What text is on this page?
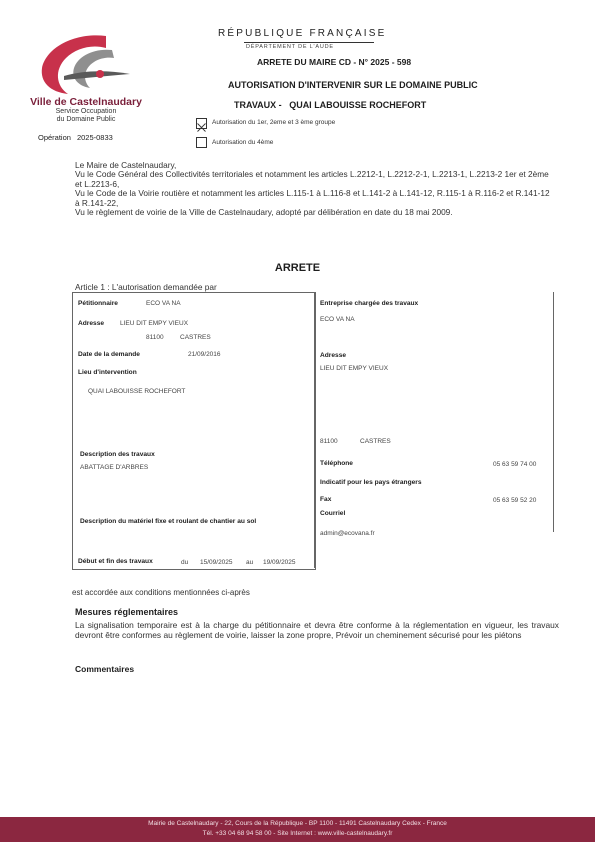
Ville de Castelnaudary
Service Occupation
du Domaine Public
Opération 2025-0833
RÉPUBLIQUE FRANÇAISE
DÉPARTEMENT DE L'AUDE
ARRETE DU MAIRE CD - N° 2025 - 598
AUTORISATION D'INTERVENIR SUR LE DOMAINE PUBLIC
TRAVAUX - QUAI LABOUISSE ROCHEFORT
Autorisation du 1er, 2eme et 3 ème groupe
Autorisation du 4ème

Le Maire de Castelnaudary,

Vu le Code Général des Collectivités territoriales et notamment les articles L.2212-1, L.2212-2-1, L.2213-1, L.2213-2 1er et 2ème et L.2213-6,

Vu le Code de la Voirie routière et notamment les articles L.115-1 à L.116-8 et L.141-2 à L.141-12, R.115-1 à R.116-2 et R.141-12 à R.141-22,

Vu le règlement de voirie de la Ville de Castelnaudary, adopté par délibération en date du 18 mai 2009.

ARRETE
Article 1 : L'autorisation demandée par
Pétitionnaire	ECO VA NA
Adresse LIEU DIT EMPY VIEUX
81100	CASTRES
Date de la demande	21/09/2016
Lieu d'intervention
QUAI LABOUISSE ROCHEFORT
Description des travaux
ABATTAGE D'ARBRES
Description du matériel fixe et roulant de chantier au sol
Début et fin des travaux	du 15/09/2025 au 19/09/2025
Entreprise chargée des travaux
ECO VA NA
Adresse
LIEU DIT EMPY VIEUX
81100	CASTRES
Téléphone	05 63 59 74 00
Indicatif pour les pays étrangers
Fax	05 63 59 52 20
Courriel
admin@ecovana.fr
est accordée aux conditions mentionnées ci-après
Mesures réglementaires
La signalisation temporaire est à la charge du pétitionnaire et devra être conforme à la réglementation en vigueur, les travaux devront être conformes au règlement de voirie, laisser la zone propre, Prévoir un cheminement sécurisé pour les piétons
Commentaires
Mairie de Castelnaudary - 22, Cours de la République - BP 1100 - 11491 Castelnaudary Cedex - France
Tél. +33 04 68 94 58 00 - Site Internet : www.ville-castelnaudary.fr
